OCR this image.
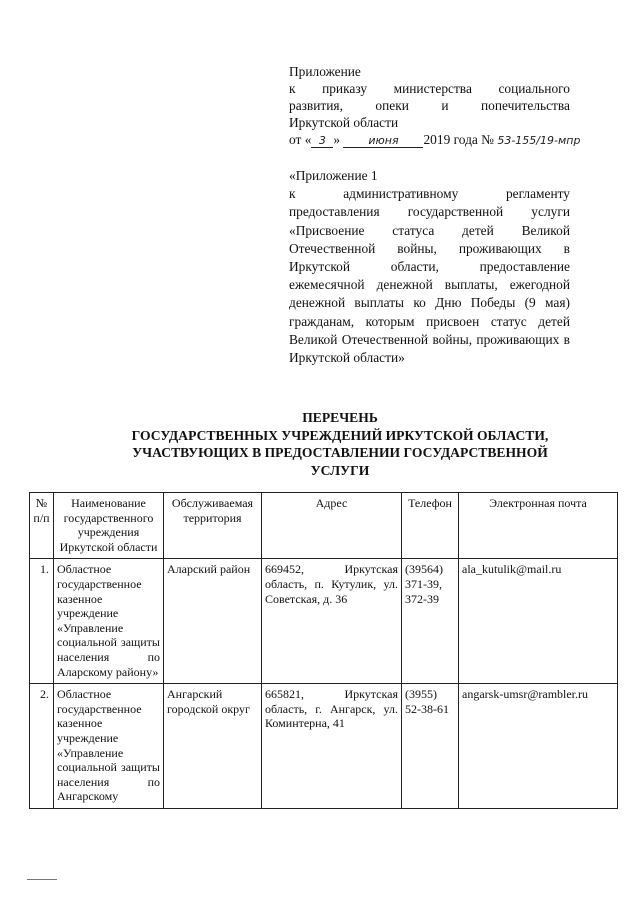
Приложение
к приказу министерства социального
развития, опеки и попечительства
Иркутской области
от « 3 »	июня 2019 года № 53-155/19-мпр

«Приложение 1

к административному регламенту предоставления государственной услуги «Присвоение статуса детей Великой Отечественной войны, проживающих в Иркутской области, предоставление ежемесячной денежной выплаты, ежегодной денежной выплаты ко Дню Победы (9 мая) гражданам, которым присвоен статус детей Великой Отечественной войны, проживающих в Иркутской области»

ПЕРЕЧЕНЬ
ГОСУДАРСТВЕННЫХ УЧРЕЖДЕНИЙ ИРКУТСКОЙ ОБЛАСТИ,
УЧАСТВУЮЩИХ В ПРЕДОСТАВЛЕНИИ ГОСУДАРСТВЕННОЙ
УСЛУГИ
№ п/п	Наименование государственного учреждения Иркутской области	Обслуживаемая территория	Адрес	Телефон	Электронная почта
1.	Областное государственное казенное учреждение «Управление социальной защиты населения по Аларскому району»	Аларский район	669452, Иркутская область, п. Кутулик, ул. Советская, д. 36	(39564) 371-39, 372-39	ala_kutulik@mail.ru
2.	Областное государственное казенное учреждение «Управление социальной защиты населения по Ангарскому	Ангарский городской округ	665821, Иркутская область, г. Ангарск, ул. Коминтерна, 41	(3955) 52-38-61	angarsk-umsr@rambler.ru
